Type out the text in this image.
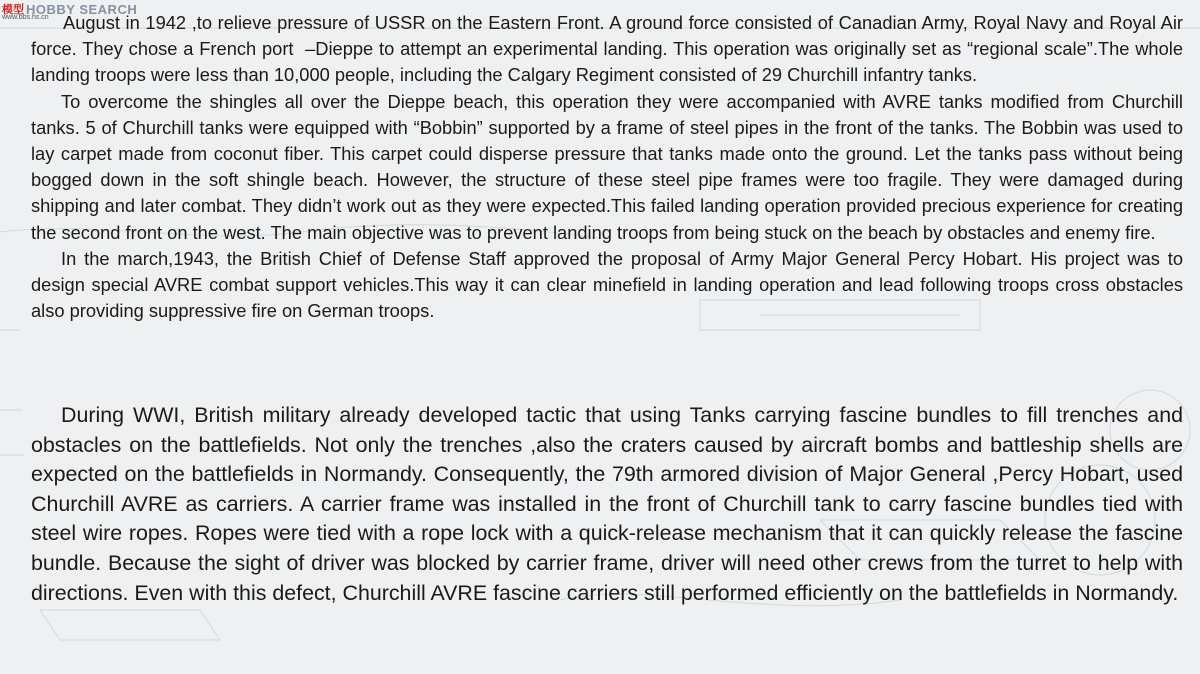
模型 HOBBY SEARCH
www.bbs.hs.cn August in 1942 ,to relieve pressure of USSR on the Eastern Front. A ground force consisted of Canadian Army, Royal Navy and Royal Air force. They chose a French port  –Dieppe to attempt an experimental landing. This operation was originally set as “regional scale”.The whole landing troops were less than 10,000 people, including the Calgary Regiment consisted of 29 Churchill infantry tanks.

To overcome the shingles all over the Dieppe beach, this operation they were accompanied with AVRE tanks modified from Churchill tanks. 5 of Churchill tanks were equipped with “Bobbin” supported by a frame of steel pipes in the front of the tanks. The Bobbin was used to lay carpet made from coconut fiber. This carpet could disperse pressure that tanks made onto the ground. Let the tanks pass without being bogged down in the soft shingle beach. However, the structure of these steel pipe frames were too fragile. They were damaged during shipping and later combat. They didn’t work out as they were expected.This failed landing operation provided precious experience for creating the second front on the west. The main objective was to prevent landing troops from being stuck on the beach by obstacles and enemy fire.

In the march,1943, the British Chief of Defense Staff approved the proposal of Army Major General Percy Hobart. His project was to design special AVRE combat support vehicles.This way it can clear minefield in landing operation and lead following troops cross obstacles also providing suppressive fire on German troops.

During WWI, British military already developed tactic that using Tanks carrying fascine bundles to fill trenches and obstacles on the battlefields. Not only the trenches ,also the craters caused by aircraft bombs and battleship shells are expected on the battlefields in Normandy. Consequently, the 79th armored division of Major General ,Percy Hobart, used Churchill AVRE as carriers. A carrier frame was installed in the front of Churchill tank to carry fascine bundles tied with steel wire ropes. Ropes were tied with a rope lock with a quick-release mechanism that it can quickly release the fascine bundle. Because the sight of driver was blocked by carrier frame, driver will need other crews from the turret to help with directions. Even with this defect, Churchill AVRE fascine carriers still performed efficiently on the battlefields in Normandy.
